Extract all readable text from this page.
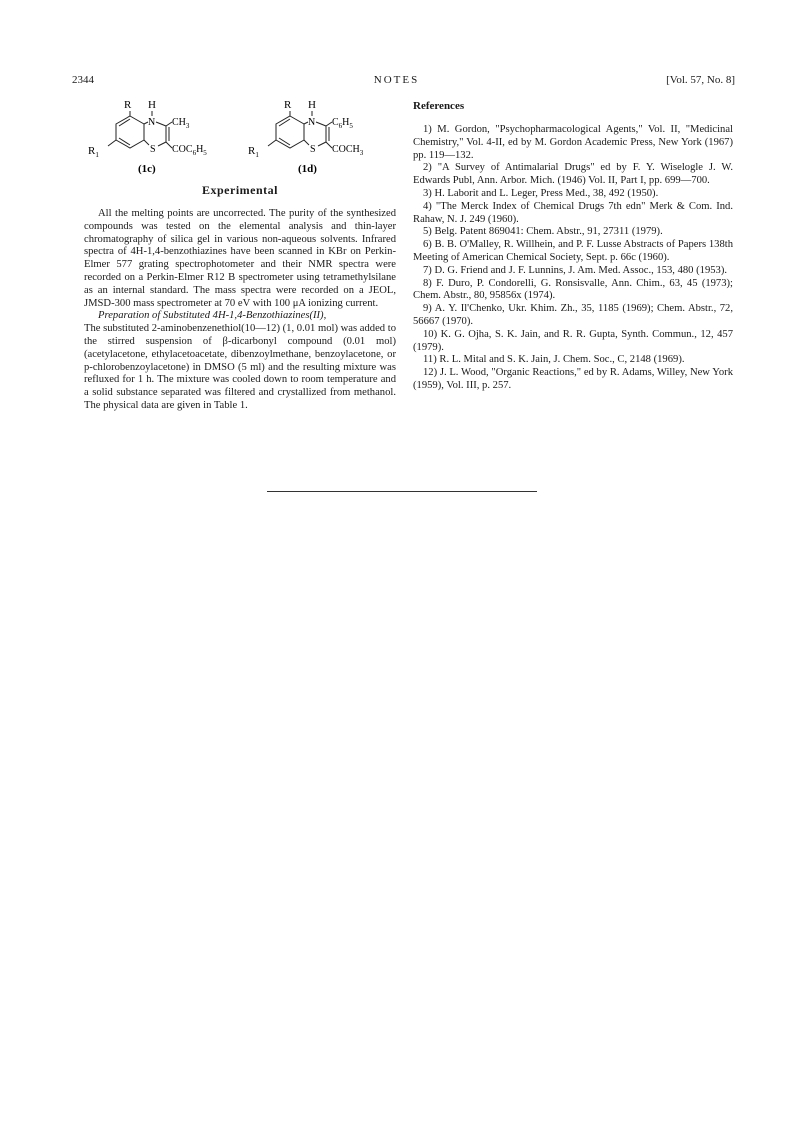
2344	NOTES	[Vol. 57, No. 8]
R H
N
S
$CH_3$
$COC_6H_5$
$R_1$
(1c)
R H
N
S
$C_6H_5$
$COCH_3$
$R_1$
(1d)
Experimental

All the melting points are uncorrected. The purity of the synthesized compounds was tested on the elemental analysis and thin-layer chromatography of silica gel in various non-aqueous solvents. Infrared spectra of 4H-1,4-benzothiazines have been scanned in KBr on Perkin-Elmer 577 grating spectrophotometer and their NMR spectra were recorded on a Perkin-Elmer R12 B spectrometer using tetramethylsilane as an internal standard. The mass spectra were recorded on a JEOL, JMSD-300 mass spectrometer at 70 eV with 100 μA ionizing current.

Preparation of Substituted 4H-1,4-Benzothiazines(II),

The substituted 2-aminobenzenethiol(10—12) (1, 0.01 mol) was added to the stirred suspension of β-dicarbonyl compound (0.01 mol) (acetylacetone, ethylacetoacetate, dibenzoylmethane, benzoylacetone, or p-chlorobenzoylacetone) in DMSO (5 ml) and the resulting mixture was refluxed for 1 h. The mixture was cooled down to room temperature and a solid substance separated was filtered and crystallized from methanol. The physical data are given in Table 1.

References
1) M. Gordon, "Psychopharmacological Agents," Vol. II, "Medicinal Chemistry," Vol. 4-II, ed by M. Gordon Academic Press, New York (1967) pp. 119—132.
2) "A Survey of Antimalarial Drugs" ed by F. Y. Wiselogle J. W. Edwards Publ, Ann. Arbor. Mich. (1946) Vol. II, Part I, pp. 699—700.
3) H. Laborit and L. Leger, Press Med., 38, 492 (1950).
4) "The Merck Index of Chemical Drugs 7th edn" Merk & Com. Ind. Rahaw, N. J. 249 (1960).
5) Belg. Patent 869041: Chem. Abstr., 91, 27311 (1979).
6) B. B. O'Malley, R. Willhein, and P. F. Lusse Abstracts of Papers 138th Meeting of American Chemical Society, Sept. p. 66c (1960).
7) D. G. Friend and J. F. Lunnins, J. Am. Med. Assoc., 153, 480 (1953).
8) F. Duro, P. Condorelli, G. Ronsisvalle, Ann. Chim., 63, 45 (1973); Chem. Abstr., 80, 95856x (1974).
9) A. Y. Il'Chenko, Ukr. Khim. Zh., 35, 1185 (1969); Chem. Abstr., 72, 56667 (1970).
10) K. G. Ojha, S. K. Jain, and R. R. Gupta, Synth. Commun., 12, 457 (1979).
11) R. L. Mital and S. K. Jain, J. Chem. Soc., C, 2148 (1969).
12) J. L. Wood, "Organic Reactions," ed by R. Adams, Willey, New York (1959), Vol. III, p. 257.
